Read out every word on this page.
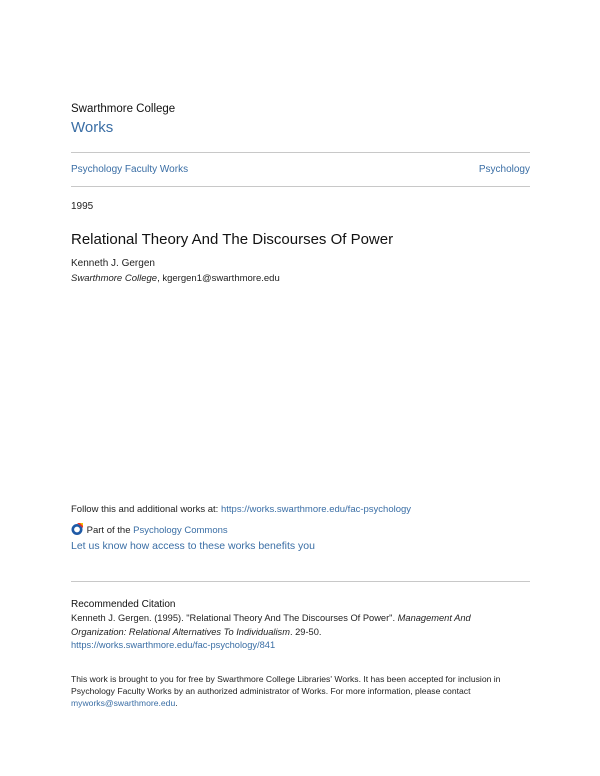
Swarthmore College
Works
Psychology Faculty Works	Psychology
1995
Relational Theory And The Discourses Of Power
Kenneth J. Gergen
Swarthmore College, kgergen1@swarthmore.edu
Follow this and additional works at: https://works.swarthmore.edu/fac-psychology
Part of the Psychology Commons
Let us know how access to these works benefits you
Recommended Citation
Kenneth J. Gergen. (1995). "Relational Theory And The Discourses Of Power". Management And
Organization: Relational Alternatives To Individualism. 29-50.
https://works.swarthmore.edu/fac-psychology/841
This work is brought to you for free by Swarthmore College Libraries' Works. It has been accepted for inclusion in
Psychology Faculty Works by an authorized administrator of Works. For more information, please contact
myworks@swarthmore.edu.
